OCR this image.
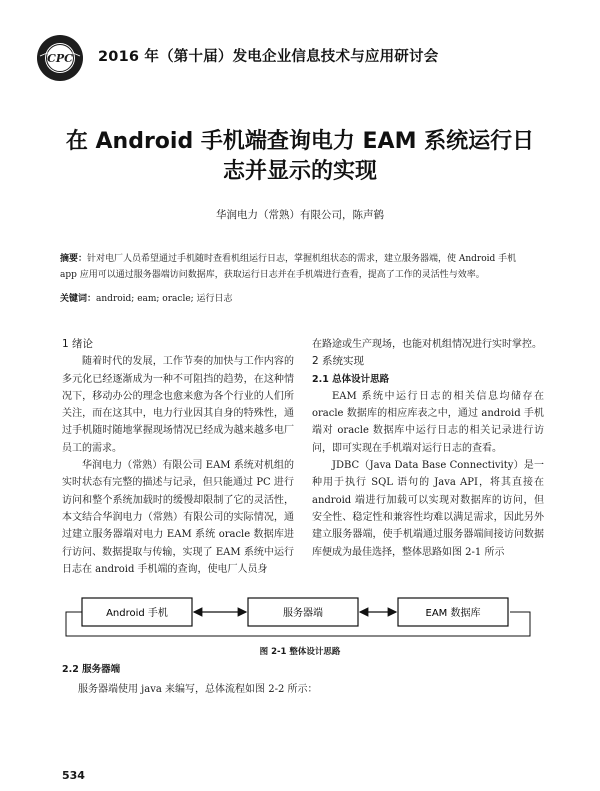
CPC 2016 年（第十届）发电企业信息技术与应用研讨会
在 Android 手机端查询电力 EAM 系统运行日
志并显示的实现
华润电力（常熟）有限公司，陈声鹤
摘要：针对电厂人员希望通过手机随时查看机组运行日志，掌握机组状态的需求，建立服务器端，使 Android 手机
app 应用可以通过服务器端访问数据库，获取运行日志并在手机端进行查看，提高了工作的灵活性与效率。
关键词：android; eam; oracle; 运行日志

1 绪论

随着时代的发展，工作节奏的加快与工作内容的多元化已经逐渐成为一种不可阻挡的趋势，在这种情况下，移动办公的理念也愈来愈为各个行业的人们所关注，而在这其中，电力行业因其自身的特殊性，通过手机随时随地掌握现场情况已经成为越来越多电厂员工的需求。

华润电力（常熟）有限公司 EAM 系统对机组的实时状态有完整的描述与记录，但只能通过 PC 进行访问和整个系统加载时的缓慢却限制了它的灵活性，本文结合华润电力（常熟）有限公司的实际情况，通过建立服务器端对电力 EAM 系统 oracle 数据库进行访问、数据提取与传输，实现了 EAM 系统中运行日志在 android 手机端的查询，使电厂人员身

在路途或生产现场，也能对机组情况进行实时掌控。

2 系统实现

2.1 总体设计思路

EAM 系统中运行日志的相关信息均储存在 oracle 数据库的相应库表之中，通过 android 手机端对 oracle 数据库中运行日志的相关记录进行访问，即可实现在手机端对运行日志的查看。

JDBC（Java Data Base Connectivity）是一种用于执行 SQL 语句的 Java API，将其直接在 android 端进行加载可以实现对数据库的访问，但安全性、稳定性和兼容性均难以满足需求，因此另外建立服务器端，使手机端通过服务器端间接访问数据库便成为最佳选择，整体思路如图 2-1 所示

Android 手机	服务器端	EAM 数据库
图 2-1 整体设计思路
2.2 服务器端
服务器端使用 java 来编写，总体流程如图 2-2 所示：
534
